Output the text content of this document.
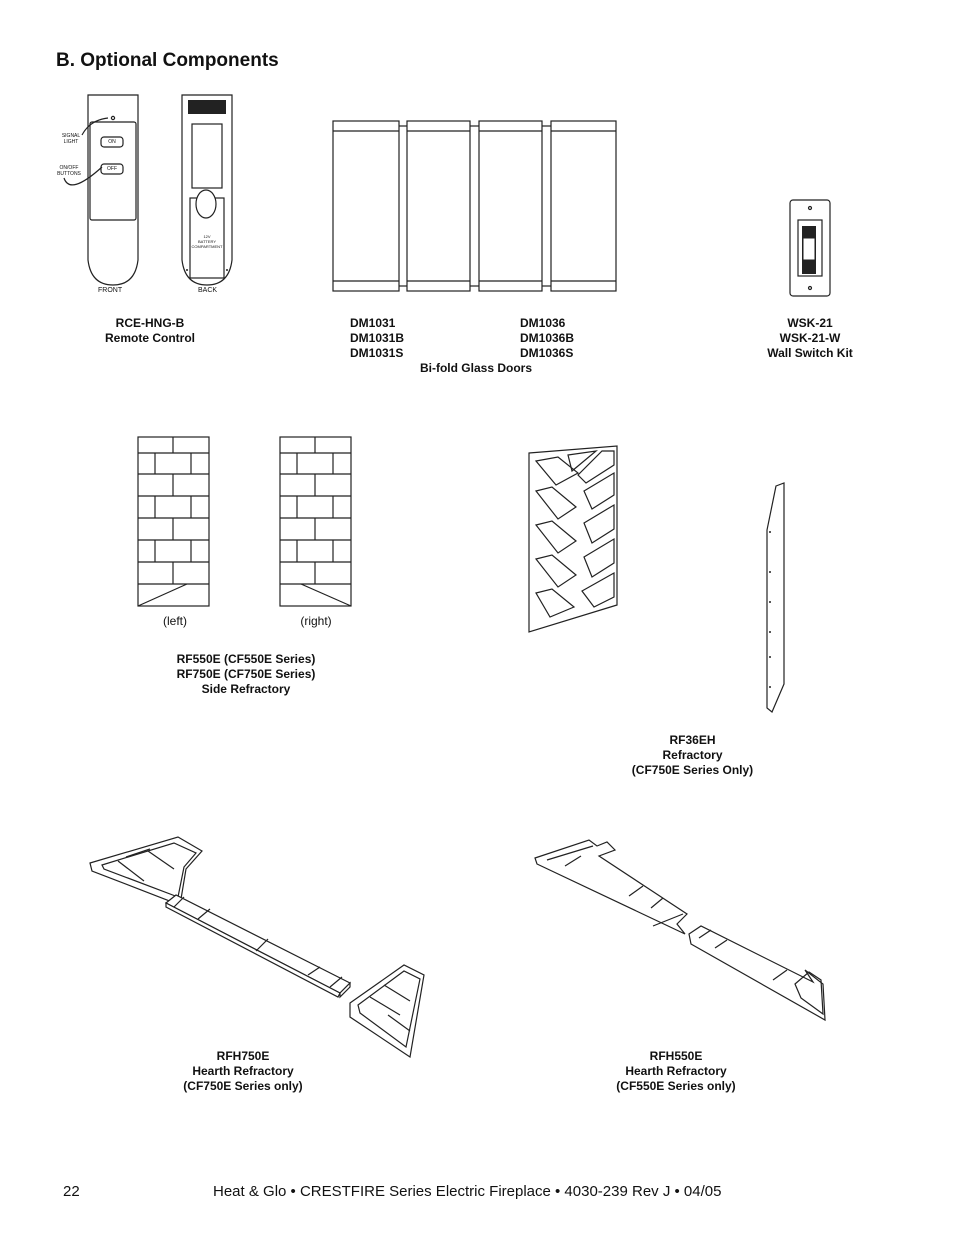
B. Optional Components
SIGNAL
LIGHT
ON/OFF
BUTTONS
ON
OFF
12V
BATTERY
COMPARTMENT
FRONT	BACK
RCE-HNG-B
Remote Control
DM1031
DM1031B
DM1031S
DM1036
DM1036B
DM1036S
Bi-fold Glass Doors
WSK-21
WSK-21-W
Wall Switch Kit
(left)	(right)
RF550E (CF550E Series)
RF750E (CF750E Series)
Side Refractory
RF36EH
Refractory
(CF750E Series Only)
RFH750E
Hearth Refractory
(CF750E Series only)
RFH550E
Hearth Refractory
(CF550E Series only)
22	Heat & Glo • CRESTFIRE Series Electric Fireplace • 4030-239 Rev J • 04/05
